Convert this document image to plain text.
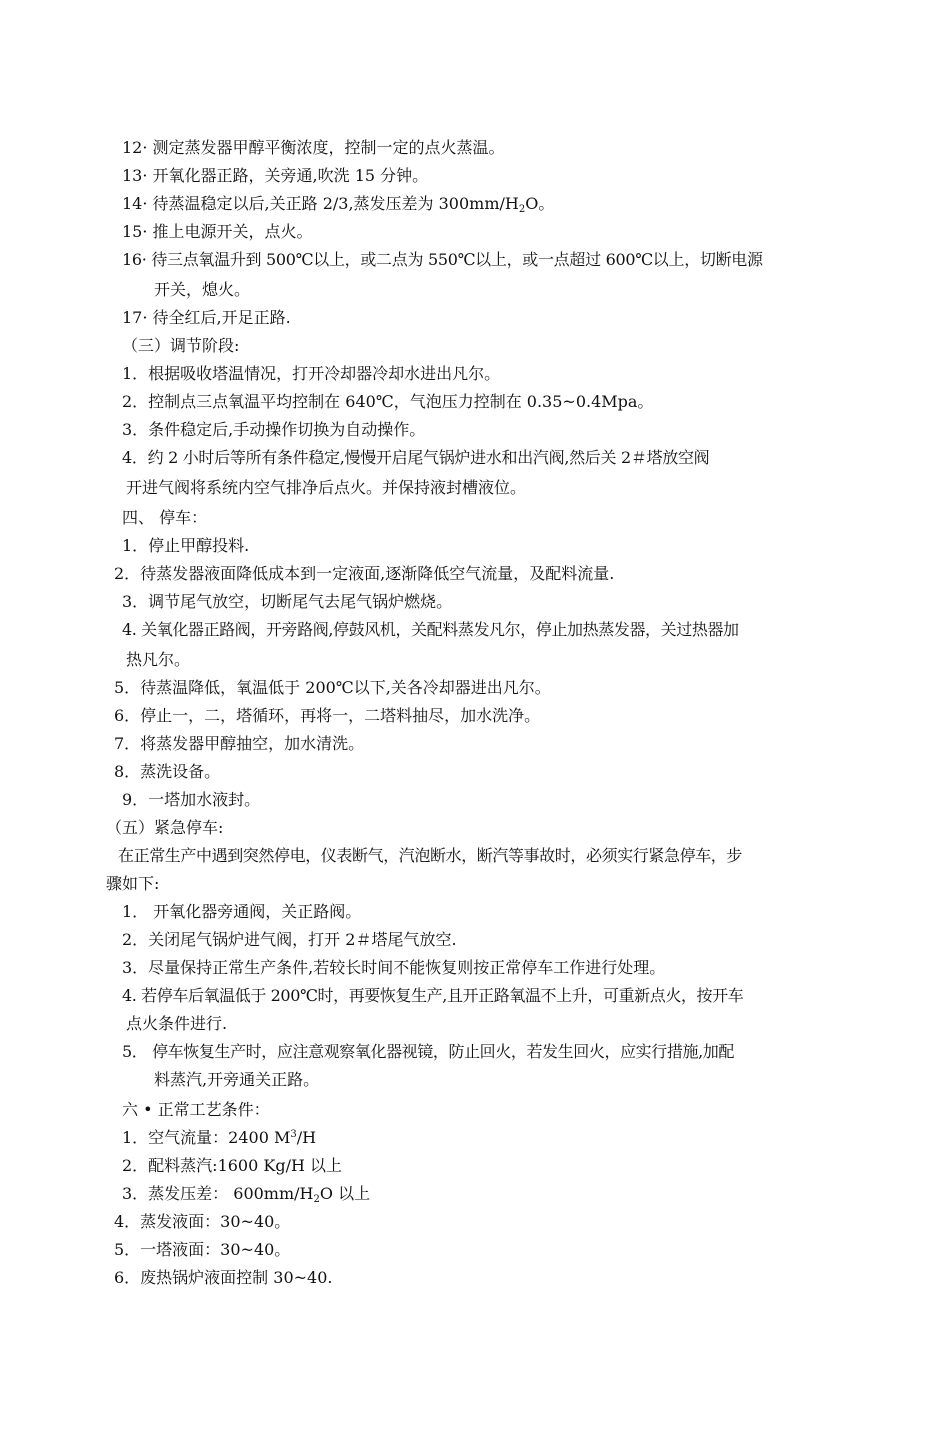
12· 测定蒸发器甲醇平衡浓度，控制一定的点火蒸温。
13· 开氧化器正路，关旁通,吹洗 15 分钟。
14· 待蒸温稳定以后,关正路 2/3,蒸发压差为 $300mm/H_2O$。
15· 推上电源开关，点火。
16· 待三点氧温升到 500℃以上，或二点为 550℃以上，或一点超过 600℃以上，切断电源
开关，熄火。
17· 待全红后,开足正路.
（三）调节阶段:
1．根据吸收塔温情况，打开冷却器冷却水进出凡尔。
2．控制点三点氧温平均控制在 640℃，气泡压力控制在 0.35~0.4Mpa。
3．条件稳定后,手动操作切换为自动操作。
4．约 2 小时后等所有条件稳定,慢慢开启尾气锅炉进水和出汽阀,然后关 2＃塔放空阀
开进气阀将系统内空气排净后点火。并保持液封槽液位。
四、 停车：
1．停止甲醇投料.
2．待蒸发器液面降低成本到一定液面,逐渐降低空气流量，及配料流量.
3．调节尾气放空，切断尾气去尾气锅炉燃烧。
4. 关氧化器正路阀，开旁路阀,停鼓风机，关配料蒸发凡尔，停止加热蒸发器，关过热器加
热凡尔。
5．待蒸温降低，氧温低于 200℃以下,关各冷却器进出凡尔。
6．停止一，二，塔循环，再将一，二塔料抽尽，加水洗净。
7．将蒸发器甲醇抽空，加水清洗。
8．蒸洗设备。
9．一塔加水液封。
（五）紧急停车:
在正常生产中遇到突然停电，仪表断气，汽泡断水，断汽等事故时，必须实行紧急停车，步
骤如下:
1． 开氧化器旁通阀，关正路阀。
2．关闭尾气锅炉进气阀，打开 2＃塔尾气放空.
3．尽量保持正常生产条件,若较长时间不能恢复则按正常停车工作进行处理。
4. 若停车后氧温低于 200℃时，再要恢复生产,且开正路氧温不上升，可重新点火，按开车
点火条件进行.
5． 停车恢复生产时，应注意观察氧化器视镜，防止回火，若发生回火，应实行措施,加配
料蒸汽,开旁通关正路。
六 • 正常工艺条件：
1．空气流量：2400 $M^3/H$
2．配料蒸汽:1600 Kg/H 以上
3．蒸发压差： $600mm/H_2O$ 以上
4．蒸发液面：30~40。
5．一塔液面：30~40。
6．废热锅炉液面控制 30~40.
